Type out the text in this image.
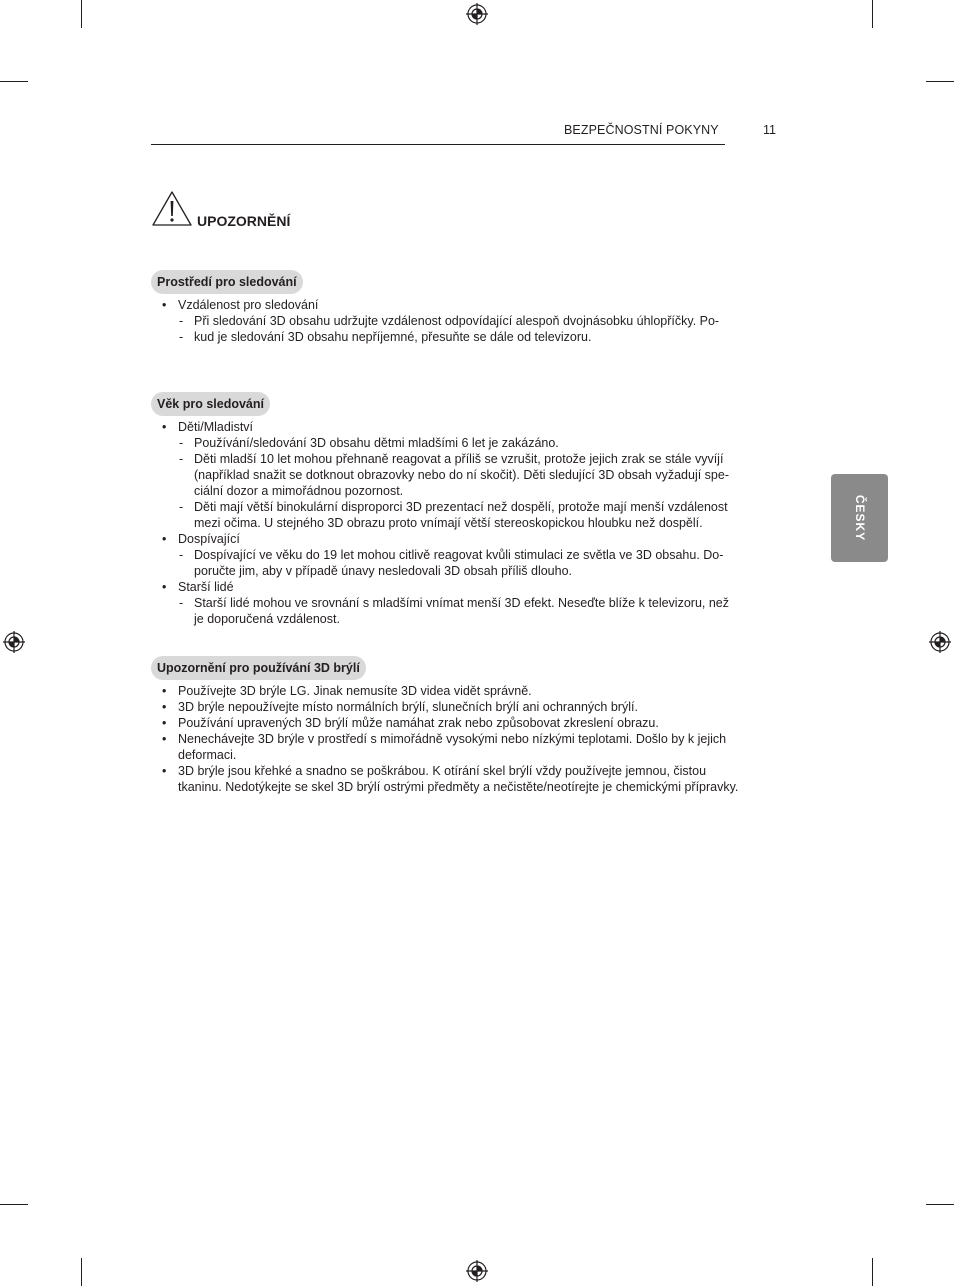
BEZPEČNOSTNÍ POKYNY	11
UPOZORNĚNÍ
Prostředí pro sledování
• Vzdálenost pro sledování
- Při sledování 3D obsahu udržujte vzdálenost odpovídající alespoň dvojnásobku úhlopříčky. Po-
- kud je sledování 3D obsahu nepříjemné, přesuňte se dále od televizoru.
Věk pro sledování
• Děti/Mladiství
- Používání/sledování 3D obsahu dětmi mladšími 6 let je zakázáno.
- Děti mladší 10 let mohou přehnaně reagovat a příliš se vzrušit, protože jejich zrak se stále vyvíjí
(například snažit se dotknout obrazovky nebo do ní skočit). Děti sledující 3D obsah vyžadují spe-
ciální dozor a mimořádnou pozornost.
- Děti mají větší binokulární disproporci 3D prezentací než dospělí, protože mají menší vzdálenost
mezi očima. U stejného 3D obrazu proto vnímají větší stereoskopickou hloubku než dospělí.
• Dospívající
- Dospívající ve věku do 19 let mohou citlivě reagovat kvůli stimulaci ze světla ve 3D obsahu. Do-
poručte jim, aby v případě únavy nesledovali 3D obsah příliš dlouho.
• Starší lidé
- Starší lidé mohou ve srovnání s mladšími vnímat menší 3D efekt. Neseďte blíže k televizoru, než
je doporučená vzdálenost.
Upozornění pro používání 3D brýlí
• Používejte 3D brýle LG. Jinak nemusíte 3D videa vidět správně.
• 3D brýle nepoužívejte místo normálních brýlí, slunečních brýlí ani ochranných brýlí.
• Používání upravených 3D brýlí může namáhat zrak nebo způsobovat zkreslení obrazu.
• Nenechávejte 3D brýle v prostředí s mimořádně vysokými nebo nízkými teplotami. Došlo by k jejich
deformaci.
• 3D brýle jsou křehké a snadno se poškrábou. K otírání skel brýlí vždy používejte jemnou, čistou
tkaninu. Nedotýkejte se skel 3D brýlí ostrými předměty a nečistěte/neotírejte je chemickými přípravky.
ČESKY
